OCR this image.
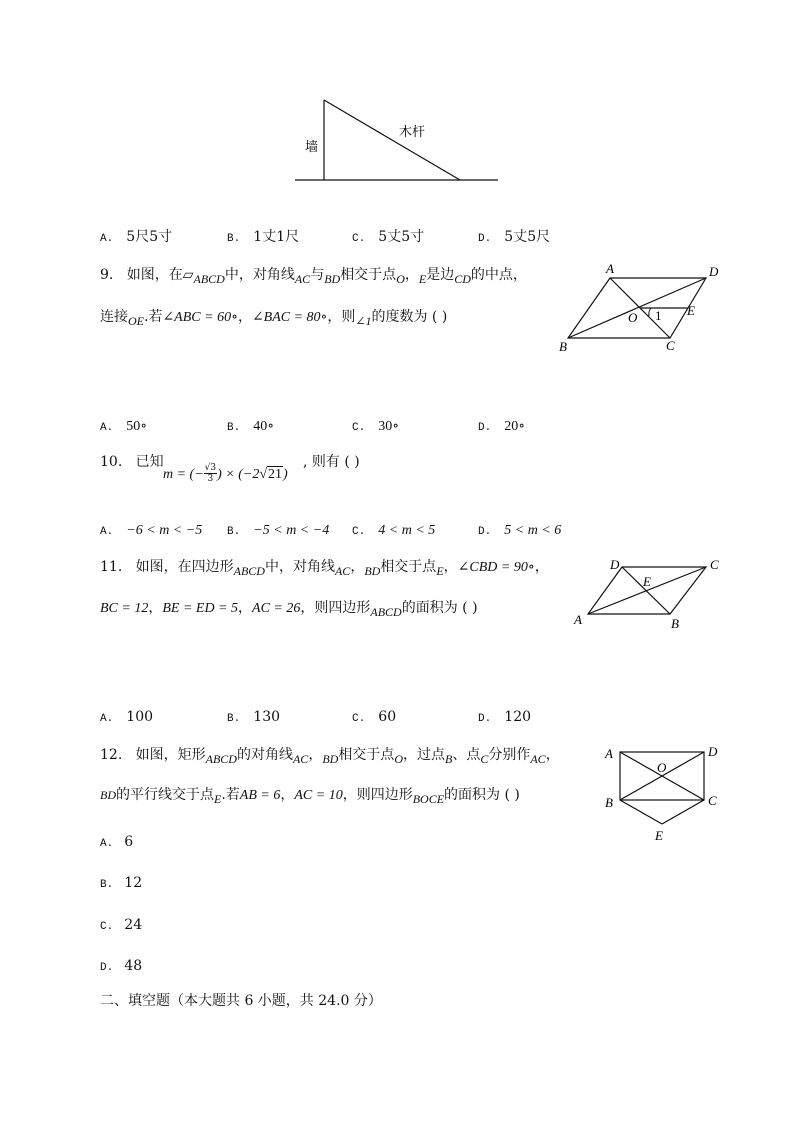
墙
木杆
A. 5尺5寸	B. 1丈1尺	C. 5丈5寸	D. 5丈5尺
9. 如图，在▱ABCD中，对角线AC与BD相交于点O，E是边CD的中点，
连接OE.若∠ABC = 60∘，∠BAC = 80∘，则∠1的度数为 ( )
A	D
B	C
O	E
1
A. 50∘	B. 40∘	C. 30∘	D. 20∘
10. 已知
m = (− $\frac{√3}{3}$ ) × (−2√21)
, 则有 ( )
A. −6 < m < −5 B. −5 < m < −4 C. 4 < m < 5	D. 5 < m < 6
11. 如图，在四边形ABCD中，对角线AC，BD相交于点E，∠CBD = 90∘，
BC = 12，BE = ED = 5，AC = 26，则四边形ABCD的面积为 ( )
D	C
A	B
E
A. 100	B. 130	C. 60	D. 120
12. 如图，矩形ABCD的对角线AC，BD相交于点O，过点B、点C分别作AC，
BD的平行线交于点E.若AB = 6，AC = 10，则四边形BOCE的面积为 ( )
A	D
B	C
O
E
A. 6
B. 12
C. 24
D. 48
二、填空题（本大题共 6 小题，共 24.0 分）
